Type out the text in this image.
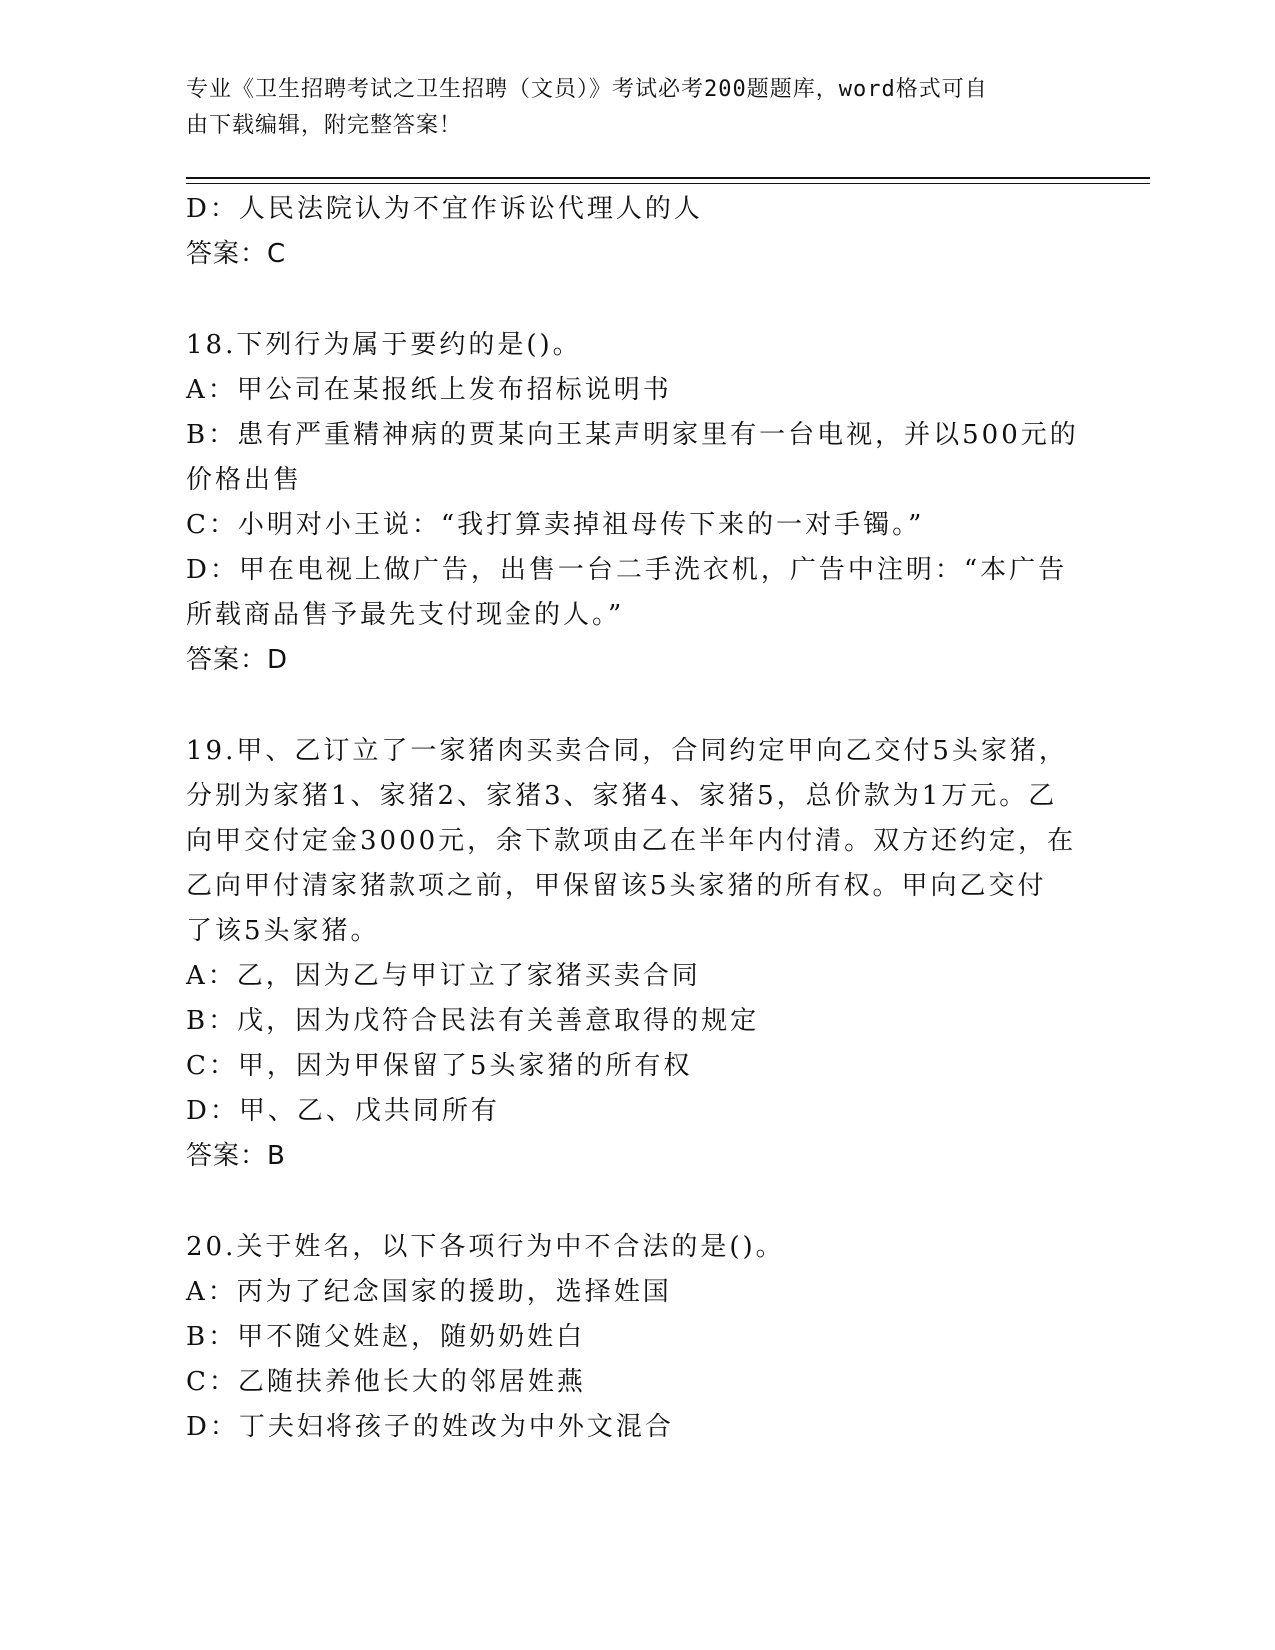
专业《卫生招聘考试之卫生招聘（文员）》考试必考200题题库，word格式可自
由下载编辑，附完整答案！
D：人民法院认为不宜作诉讼代理人的人
答案：C
18.下列行为属于要约的是()。
A：甲公司在某报纸上发布招标说明书
B：患有严重精神病的贾某向王某声明家里有一台电视，并以500元的
价格出售
C：小明对小王说：“我打算卖掉祖母传下来的一对手镯。”
D：甲在电视上做广告，出售一台二手洗衣机，广告中注明：“本广告
所载商品售予最先支付现金的人。”
答案：D
19.甲、乙订立了一家猪肉买卖合同，合同约定甲向乙交付5头家猪，
分别为家猪1、家猪2、家猪3、家猪4、家猪5，总价款为1万元。乙
向甲交付定金3000元，余下款项由乙在半年内付清。双方还约定，在
乙向甲付清家猪款项之前，甲保留该5头家猪的所有权。甲向乙交付
了该5头家猪。
A：乙，因为乙与甲订立了家猪买卖合同
B：戊，因为戊符合民法有关善意取得的规定
C：甲，因为甲保留了5头家猪的所有权
D：甲、乙、戊共同所有
答案：B
20.关于姓名，以下各项行为中不合法的是()。
A：丙为了纪念国家的援助，选择姓国
B：甲不随父姓赵，随奶奶姓白
C：乙随扶养他长大的邻居姓燕
D：丁夫妇将孩子的姓改为中外文混合
